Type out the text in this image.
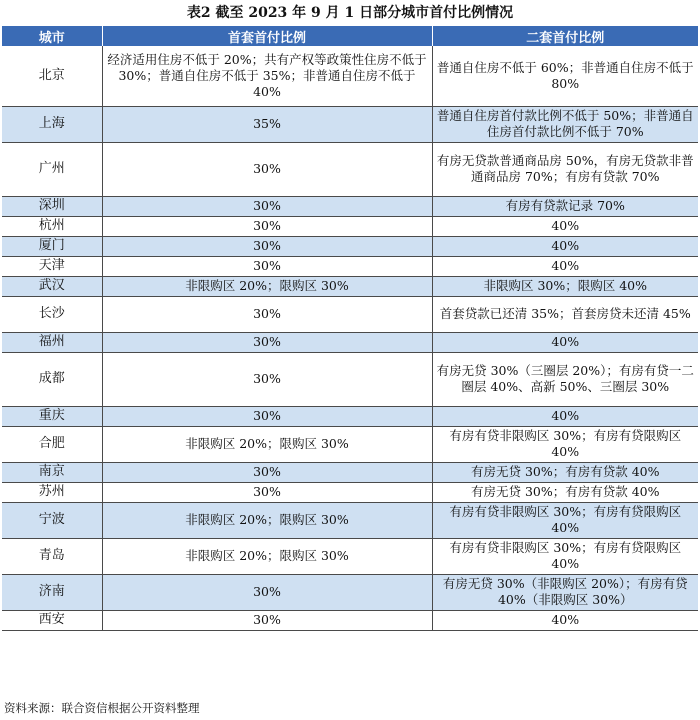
表2 截至 2023 年 9 月 1 日部分城市首付比例情况
城市	首套首付比例	二套首付比例
北京	经济适用住房不低于 20%；共有产权等政策性住房不低于 30%；普通自住房不低于 35%；非普通自住房不低于 40%	普通自住房不低于 60%；非普通自住房不低于 80%
上海	35%	普通自住房首付款比例不低于 50%；非普通自住房首付款比例不低于 70%
广州	30%	有房无贷款普通商品房 50%，有房无贷款非普通商品房 70%；有房有贷款 70%
深圳	30%	有房有贷款记录 70%
杭州	30%	40%
厦门	30%	40%
天津	30%	40%
武汉	非限购区 20%；限购区 30%	非限购区 30%；限购区 40%
长沙	30%	首套贷款已还清 35%；首套房贷未还清 45%
福州	30%	40%
成都	30%	有房无贷 30%（三圈层 20%）；有房有贷一二圈层 40%、高新 50%、三圈层 30%
重庆	30%	40%
合肥	非限购区 20%；限购区 30%	有房有贷非限购区 30%；有房有贷限购区 40%
南京	30%	有房无贷 30%；有房有贷款 40%
苏州	30%	有房无贷 30%；有房有贷款 40%
宁波	非限购区 20%；限购区 30%	有房有贷非限购区 30%；有房有贷限购区 40%
青岛	非限购区 20%；限购区 30%	有房有贷非限购区 30%；有房有贷限购区 40%
济南	30%	有房无贷 30%（非限购区 20%）；有房有贷 40%（非限购区 30%）
西安	30%	40%
资料来源：联合资信根据公开资料整理
